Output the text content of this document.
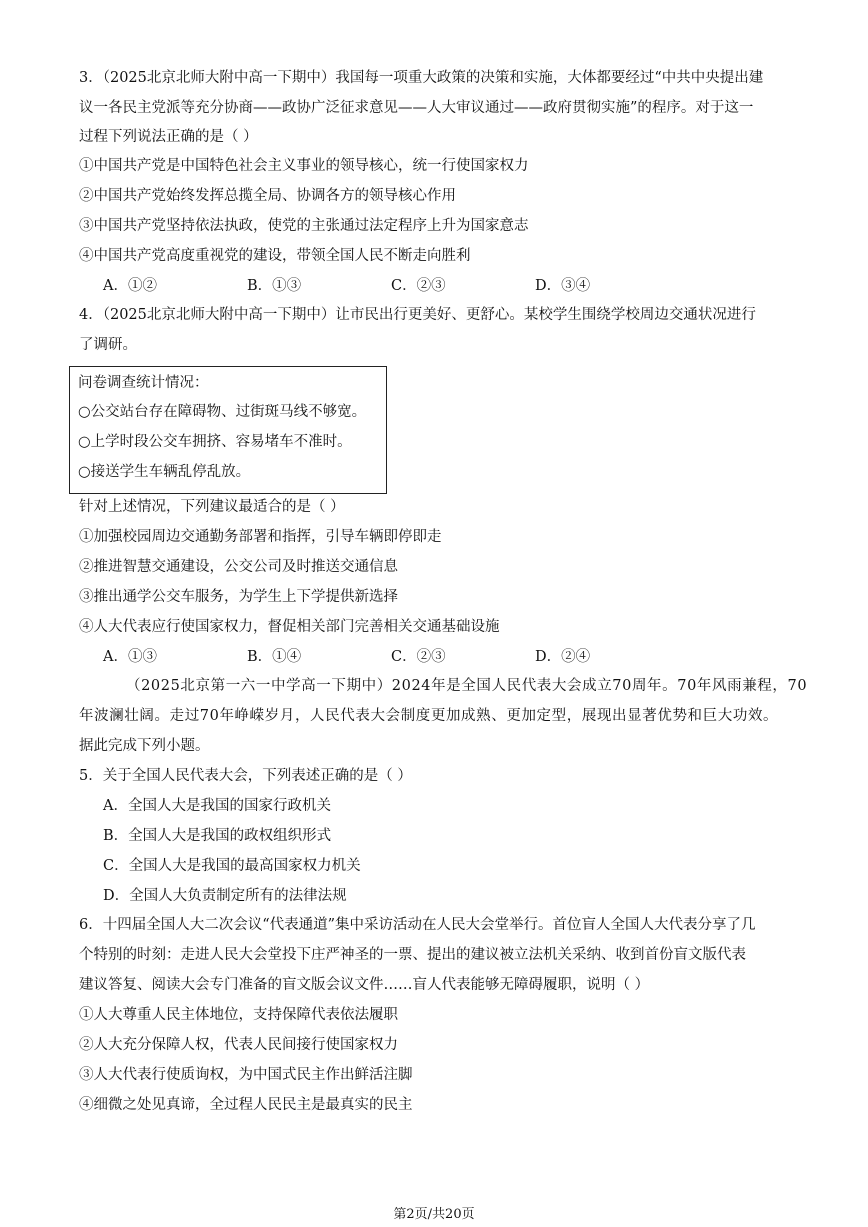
3．（2025北京北师大附中高一下期中）我国每一项重大政策的决策和实施，大体都要经过“中共中央提出建
议一各民主党派等充分协商——政协广泛征求意见——人大审议通过——政府贯彻实施”的程序。对于这一
过程下列说法正确的是（ ）
①中国共产党是中国特色社会主义事业的领导核心，统一行使国家权力
②中国共产党始终发挥总揽全局、协调各方的领导核心作用
③中国共产党坚持依法执政，使党的主张通过法定程序上升为国家意志
④中国共产党高度重视党的建设，带领全国人民不断走向胜利
A．①②	B．①③	C．②③	D．③④
4．（2025北京北师大附中高一下期中）让市民出行更美好、更舒心。某校学生围绕学校周边交通状况进行
了调研。
问卷调查统计情况：
○公交站台存在障碍物、过街斑马线不够宽。
○上学时段公交车拥挤、容易堵车不准时。
○接送学生车辆乱停乱放。
针对上述情况，下列建议最适合的是（ ）
①加强校园周边交通勤务部署和指挥，引导车辆即停即走
②推进智慧交通建设，公交公司及时推送交通信息
③推出通学公交车服务，为学生上下学提供新选择
④人大代表应行使国家权力，督促相关部门完善相关交通基础设施
A．①③	B．①④	C．②③	D．②④
（2025北京第一六一中学高一下期中）2024年是全国人民代表大会成立70周年。70年风雨兼程，70
年波澜壮阔。走过70年峥嵘岁月，人民代表大会制度更加成熟、更加定型，展现出显著优势和巨大功效。
据此完成下列小题。
5．关于全国人民代表大会，下列表述正确的是（ ）
A．全国人大是我国的国家行政机关
B．全国人大是我国的政权组织形式
C．全国人大是我国的最高国家权力机关
D．全国人大负责制定所有的法律法规
6．十四届全国人大二次会议“代表通道”集中采访活动在人民大会堂举行。首位盲人全国人大代表分享了几
个特别的时刻：走进人民大会堂投下庄严神圣的一票、提出的建议被立法机关采纳、收到首份盲文版代表
建议答复、阅读大会专门准备的盲文版会议文件……盲人代表能够无障碍履职，说明（ ）
①人大尊重人民主体地位，支持保障代表依法履职
②人大充分保障人权，代表人民间接行使国家权力
③人大代表行使质询权，为中国式民主作出鲜活注脚
④细微之处见真谛，全过程人民民主是最真实的民主
第2页/共20页
